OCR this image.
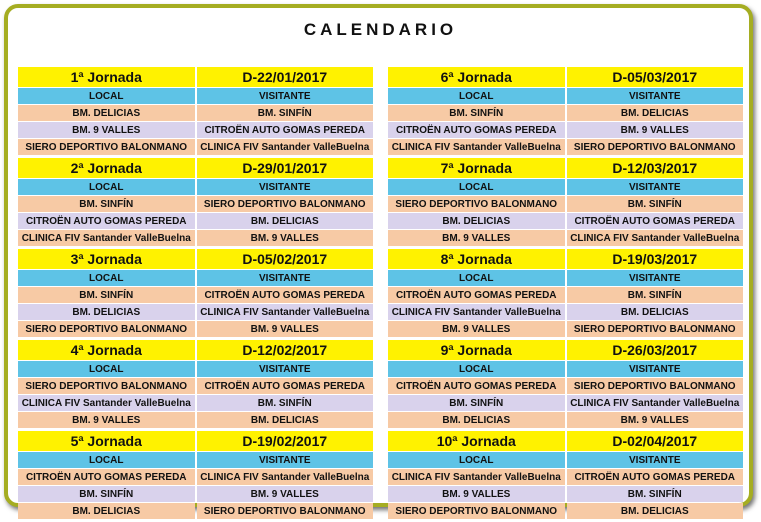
CALENDARIO
1ª Jornada	D-22/01/2017
LOCAL	VISITANTE
BM. DELICIAS	BM. SINFÍN
BM. 9 VALLES	CITROËN AUTO GOMAS PEREDA
SIERO DEPORTIVO BALONMANO	CLINICA FIV Santander ValleBuelna
2ª Jornada	D-29/01/2017
LOCAL	VISITANTE
BM. SINFÍN	SIERO DEPORTIVO BALONMANO
CITROËN AUTO GOMAS PEREDA	BM. DELICIAS
CLINICA FIV Santander ValleBuelna	BM. 9 VALLES
3ª Jornada	D-05/02/2017
LOCAL	VISITANTE
BM. SINFÍN	CITROËN AUTO GOMAS PEREDA
BM. DELICIAS	CLINICA FIV Santander ValleBuelna
SIERO DEPORTIVO BALONMANO	BM. 9 VALLES
4ª Jornada	D-12/02/2017
LOCAL	VISITANTE
SIERO DEPORTIVO BALONMANO	CITROËN AUTO GOMAS PEREDA
CLINICA FIV Santander ValleBuelna	BM. SINFÍN
BM. 9 VALLES	BM. DELICIAS
5ª Jornada	D-19/02/2017
LOCAL	VISITANTE
CITROËN AUTO GOMAS PEREDA	CLINICA FIV Santander ValleBuelna
BM. SINFÍN	BM. 9 VALLES
BM. DELICIAS	SIERO DEPORTIVO BALONMANO
6ª Jornada	D-05/03/2017
LOCAL	VISITANTE
BM. SINFÍN	BM. DELICIAS
CITROËN AUTO GOMAS PEREDA	BM. 9 VALLES
CLINICA FIV Santander ValleBuelna	SIERO DEPORTIVO BALONMANO
7ª Jornada	D-12/03/2017
LOCAL	VISITANTE
SIERO DEPORTIVO BALONMANO	BM. SINFÍN
BM. DELICIAS	CITROËN AUTO GOMAS PEREDA
BM. 9 VALLES	CLINICA FIV Santander ValleBuelna
8ª Jornada	D-19/03/2017
LOCAL	VISITANTE
CITROËN AUTO GOMAS PEREDA	BM. SINFÍN
CLINICA FIV Santander ValleBuelna	BM. DELICIAS
BM. 9 VALLES	SIERO DEPORTIVO BALONMANO
9ª Jornada	D-26/03/2017
LOCAL	VISITANTE
CITROËN AUTO GOMAS PEREDA	SIERO DEPORTIVO BALONMANO
BM. SINFÍN	CLINICA FIV Santander ValleBuelna
BM. DELICIAS	BM. 9 VALLES
10ª Jornada	D-02/04/2017
LOCAL	VISITANTE
CLINICA FIV Santander ValleBuelna	CITROËN AUTO GOMAS PEREDA
BM. 9 VALLES	BM. SINFÍN
SIERO DEPORTIVO BALONMANO	BM. DELICIAS
